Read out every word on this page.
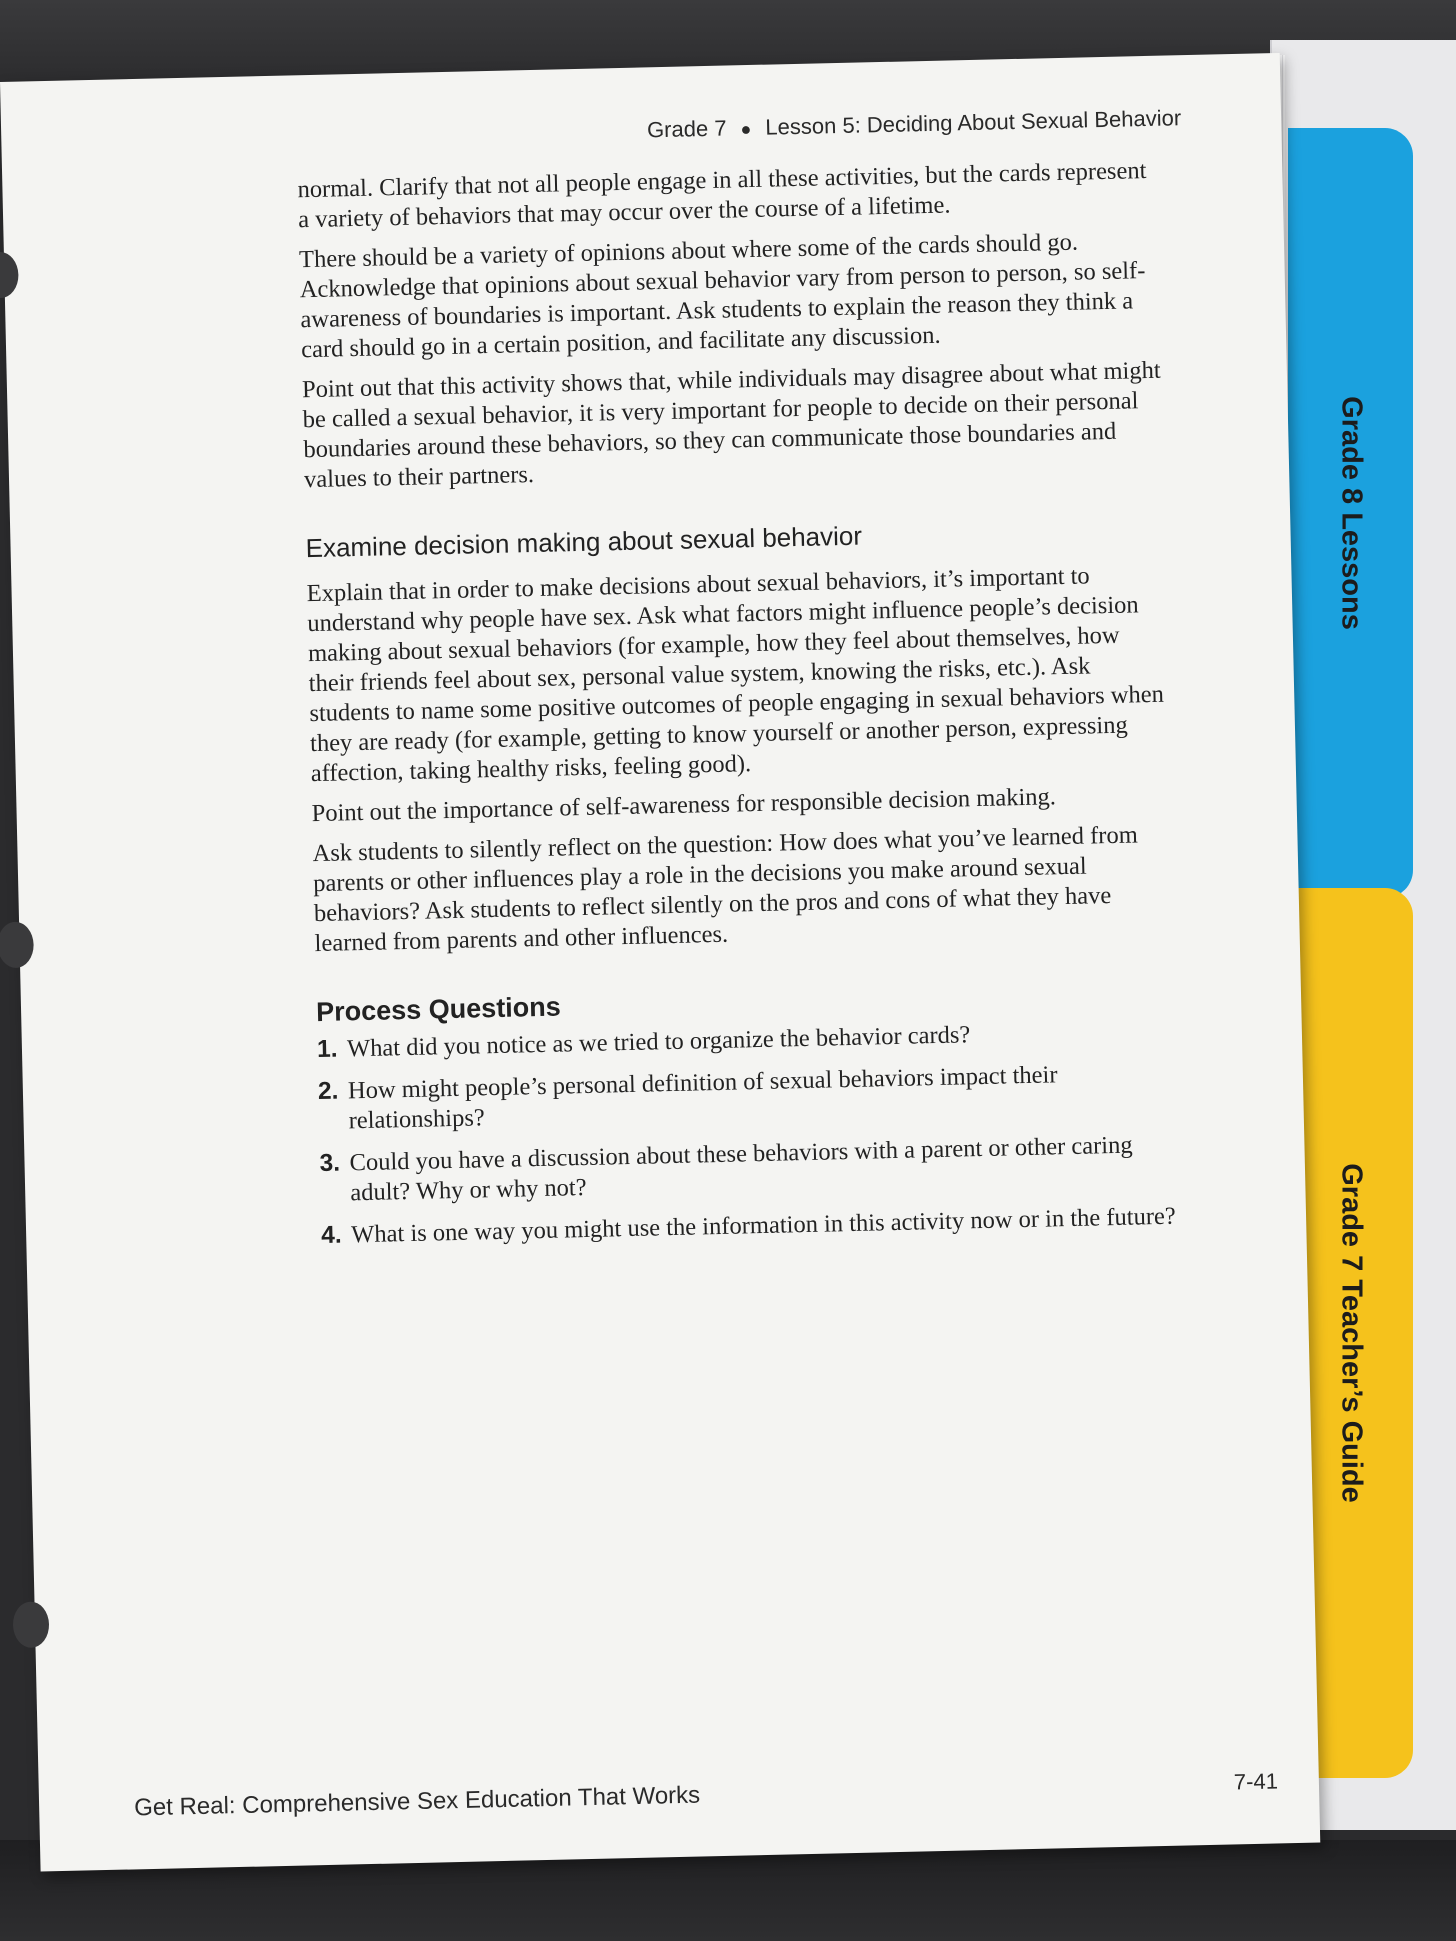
Grade 8 Lessons
Grade 7 Teacher’s Guide
Grade 7 ● Lesson 5: Deciding About Sexual Behavior

normal. Clarify that not all people engage in all these activities, but the cards represent a variety of behaviors that may occur over the course of a lifetime.

There should be a variety of opinions about where some of the cards should go. Acknowledge that opinions about sexual behavior vary from person to person, so self-awareness of boundaries is important. Ask students to explain the reason they think a card should go in a certain position, and facilitate any discussion.

Point out that this activity shows that, while individuals may disagree about what might be called a sexual behavior, it is very important for people to decide on their personal boundaries around these behaviors, so they can communicate those boundaries and values to their partners.

Examine decision making about sexual behavior

Explain that in order to make decisions about sexual behaviors, it’s important to understand why people have sex. Ask what factors might influence people’s decision making about sexual behaviors (for example, how they feel about themselves, how their friends feel about sex, personal value system, knowing the risks, etc.). Ask students to name some positive outcomes of people engaging in sexual behaviors when they are ready (for example, getting to know yourself or another person, expressing affection, taking healthy risks, feeling good).

Point out the importance of self-awareness for responsible decision making.

Ask students to silently reflect on the question: How does what you’ve learned from parents or other influences play a role in the decisions you make around sexual behaviors? Ask students to reflect silently on the pros and cons of what they have learned from parents and other influences.

Process Questions
1. What did you notice as we tried to organize the behavior cards?
2. How might people’s personal definition of sexual behaviors impact their relationships?
3. Could you have a discussion about these behaviors with a parent or other caring adult? Why or why not?
4. What is one way you might use the information in this activity now or in the future?
Get Real: Comprehensive Sex Education That Works
7-41
